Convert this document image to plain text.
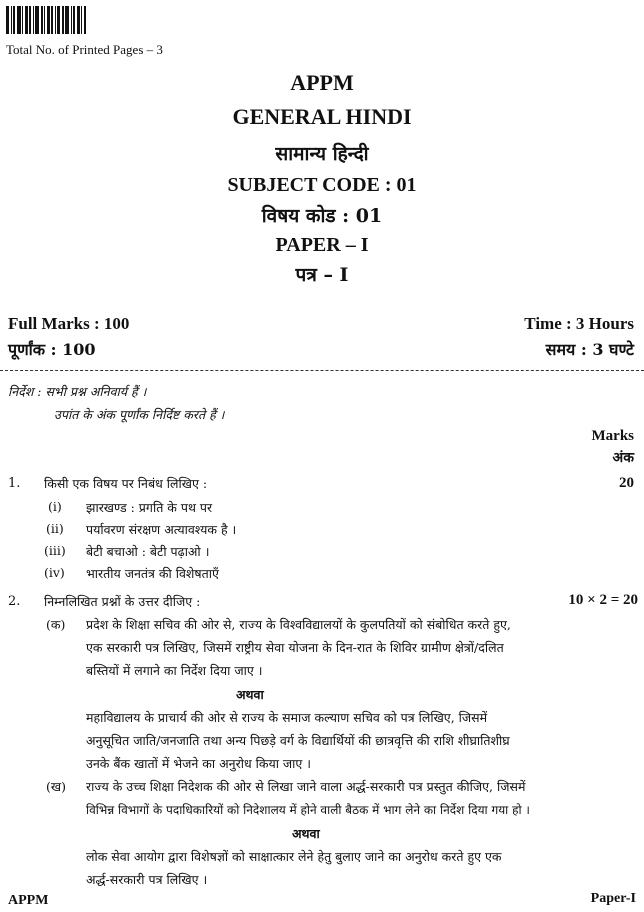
Total No. of Printed Pages – 3
APPM
GENERAL HINDI
सामान्य हिन्दी
SUBJECT CODE : 01
विषय कोड : 01
PAPER – I
पत्र – I
Full Marks : 100
पूर्णांक : 100
Time : 3 Hours
समय : 3 घण्टे
निर्देश : सभी प्रश्न अनिवार्य हैं ।
उपांत के अंक पूर्णांक निर्दिष्ट करते हैं ।
Marks
अंक
1. किसी एक विषय पर निबंध लिखिए :	20
(i) झारखण्ड : प्रगति के पथ पर
(ii) पर्यावरण संरक्षण अत्यावश्यक है ।
(iii) बेटी बचाओ : बेटी पढ़ाओ ।
(iv) भारतीय जनतंत्र की विशेषताएँ
2. निम्नलिखित प्रश्नों के उत्तर दीजिए :	10 × 2 = 20
(क) प्रदेश के शिक्षा सचिव की ओर से, राज्य के विश्वविद्यालयों के कुलपतियों को संबोधित करते हुए,
एक सरकारी पत्र लिखिए, जिसमें राष्ट्रीय सेवा योजना के दिन-रात के शिविर ग्रामीण क्षेत्रों/दलित
बस्तियों में लगाने का निर्देश दिया जाए ।
अथवा
महाविद्यालय के प्राचार्य की ओर से राज्य के समाज कल्याण सचिव को पत्र लिखिए, जिसमें
अनुसूचित जाति/जनजाति तथा अन्य पिछड़े वर्ग के विद्यार्थियों की छात्रवृत्ति की राशि शीघ्रातिशीघ्र
उनके बैंक खातों में भेजने का अनुरोध किया जाए ।
(ख) राज्य के उच्च शिक्षा निदेशक की ओर से लिखा जाने वाला अर्द्ध-सरकारी पत्र प्रस्तुत कीजिए, जिसमें
विभिन्न विभागों के पदाधिकारियों को निदेशालय में होने वाली बैठक में भाग लेने का निर्देश दिया गया हो ।
अथवा
लोक सेवा आयोग द्वारा विशेषज्ञों को साक्षात्कार लेने हेतु बुलाए जाने का अनुरोध करते हुए एक
अर्द्ध-सरकारी पत्र लिखिए ।
APPM	Paper-I
